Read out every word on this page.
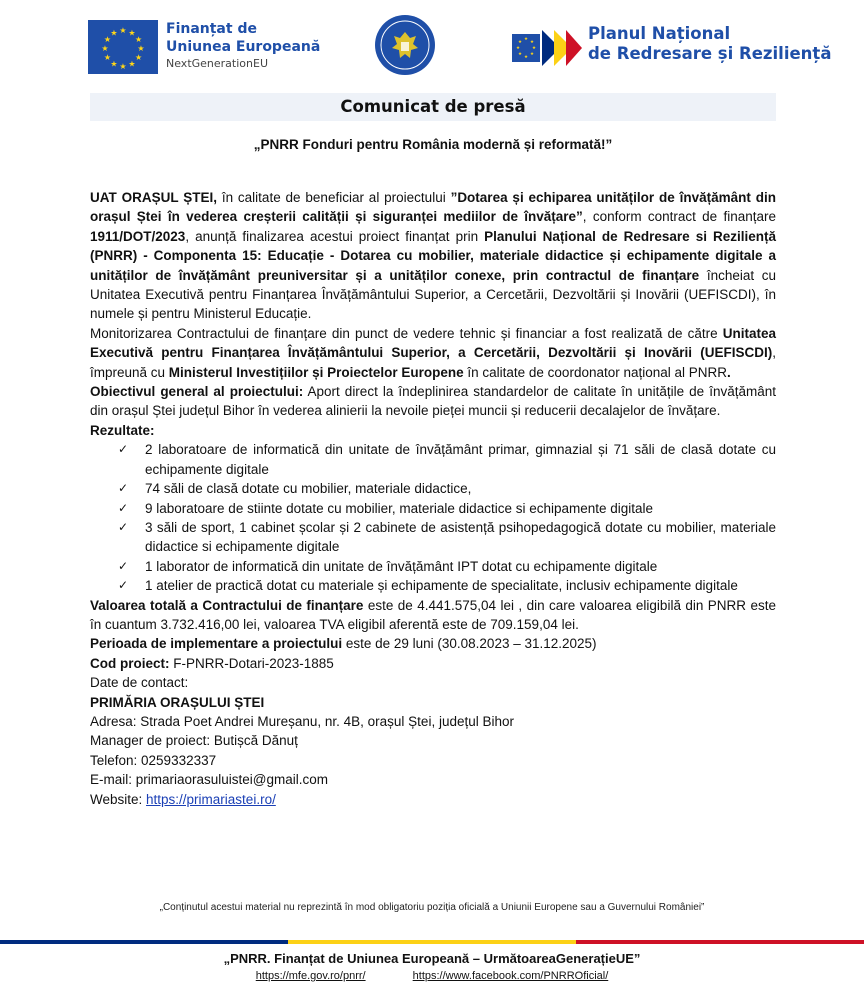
★ ★
★
★
★
★
★
★
★
★
★
★	Finanțat de
Uniunea Europeană
NextGenerationEU
★
★
★
★
★
★
★
★	Planul Național
de Redresare și Reziliență
Comunicat de presă
„PNRR Fonduri pentru România modernă și reformată!”

UAT ORAȘUL ȘTEI, în calitate de beneficiar al proiectului ”Dotarea și echiparea unităților de învățământ din orașul Ștei în vederea creșterii calității și siguranței mediilor de învățare”, conform contract de finanțare 1911/DOT/2023, anunță finalizarea acestui proiect finanțat prin Planului Național de Redresare si Reziliență (PNRR) - Componenta 15: Educație - Dotarea cu mobilier, materiale didactice și echipamente digitale a unităților de învățământ preuniversitar și a unităților conexe, prin contractul de finanțare încheiat cu Unitatea Executivă pentru Finanțarea Învățământului Superior, a Cercetării, Dezvoltării și Inovării (UEFISCDI), în numele și pentru Ministerul Educație.

Monitorizarea Contractului de finanțare din punct de vedere tehnic și financiar a fost realizată de către Unitatea Executivă pentru Finanțarea Învățământului Superior, a Cercetării, Dezvoltării și Inovării (UEFISCDI), împreună cu Ministerul Investițiilor și Proiectelor Europene în calitate de coordonator național al PNRR.

Obiectivul general al proiectului: Aport direct la îndeplinirea standardelor de calitate în unitățile de învățământ din orașul Ștei județul Bihor în vederea alinierii la nevoile pieței muncii și reducerii decalajelor de învățare.

Rezultate:

✓ 2 laboratoare de informatică din unitate de învățământ primar, gimnazial și 71 săli de clasă dotate cu echipamente digitale
✓ 74 săli de clasă dotate cu mobilier, materiale didactice,
✓ 9 laboratoare de stiinte dotate cu mobilier, materiale didactice si echipamente digitale
✓ 3 săli de sport, 1 cabinet școlar și 2 cabinete de asistență psihopedagogică dotate cu mobilier, materiale didactice si echipamente digitale
✓ 1 laborator de informatică din unitate de învățământ IPT dotat cu echipamente digitale
✓ 1 atelier de practică dotat cu materiale și echipamente de specialitate, inclusiv echipamente digitale

Valoarea totală a Contractului de finanțare este de 4.441.575,04 lei , din care valoarea eligibilă din PNRR este în cuantum 3.732.416,00 lei, valoarea TVA eligibil aferentă este de 709.159,04 lei.

Perioada de implementare a proiectului este de 29 luni (30.08.2023 – 31.12.2025)

Cod proiect: F-PNRR-Dotari-2023-1885

Date de contact:

PRIMĂRIA ORAȘULUI ȘTEI

Adresa: Strada Poet Andrei Mureșanu, nr. 4B, orașul Ștei, județul Bihor

Manager de proiect: Butișcă Dănuț

Telefon: 0259332337

E-mail: primariaorasuluistei@gmail.com

Website: https://primariastei.ro/

„Conținutul acestui material nu reprezintă în mod obligatoriu poziția oficială a Uniunii Europene sau a Guvernului României”
„PNRR. Finanțat de Uniunea Europeană – UrmătoareaGenerațieUE”
https://mfe.gov.ro/pnrr/	https://www.facebook.com/PNRROficial/
